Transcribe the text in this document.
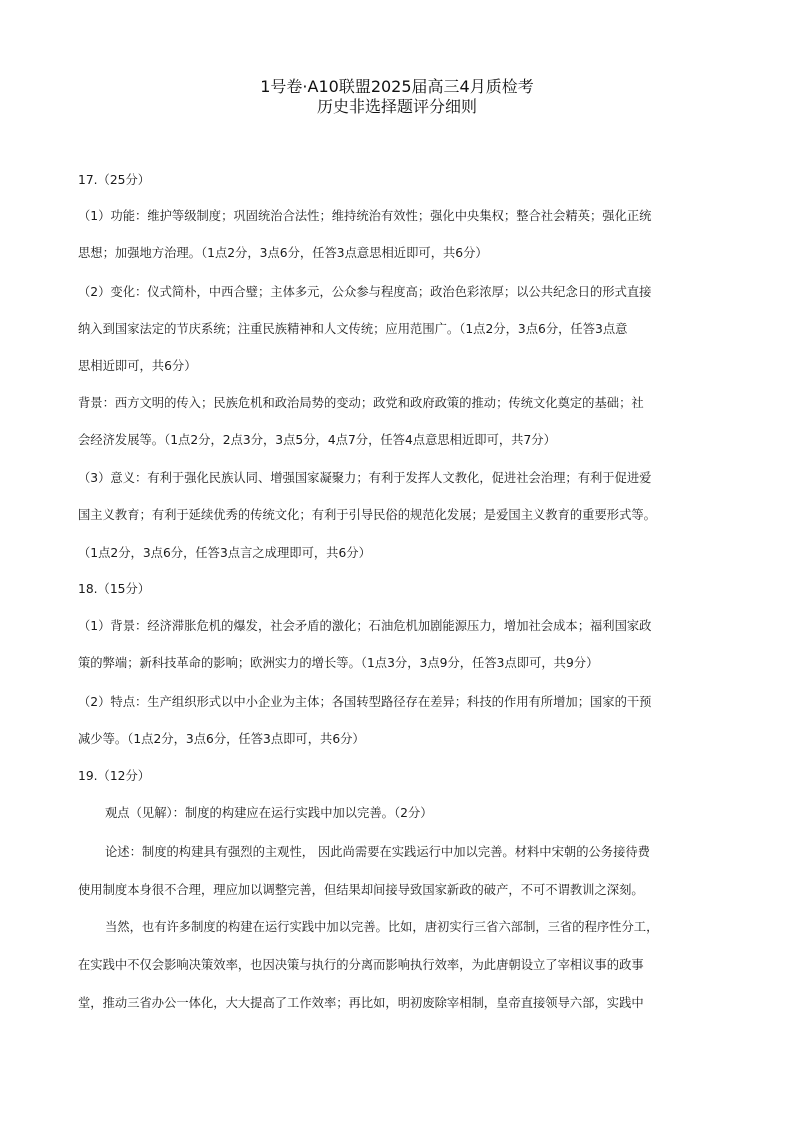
1号卷·A10联盟2025届高三4月质检考
历史非选择题评分细则
17.（25分）
（1）功能：维护等级制度；巩固统治合法性；维持统治有效性；强化中央集权；整合社会精英；强化正统
思想；加强地方治理。（1点2分，3点6分，任答3点意思相近即可，共6分）
（2）变化：仪式简朴，中西合璧；主体多元，公众参与程度高；政治色彩浓厚；以公共纪念日的形式直接
纳入到国家法定的节庆系统；注重民族精神和人文传统；应用范围广。（1点2分，3点6分，任答3点意
思相近即可，共6分）
背景：西方文明的传入；民族危机和政治局势的变动；政党和政府政策的推动；传统文化奠定的基础；社
会经济发展等。（1点2分，2点3分，3点5分，4点7分，任答4点意思相近即可，共7分）
（3）意义：有利于强化民族认同、增强国家凝聚力；有利于发挥人文教化，促进社会治理；有利于促进爱
国主义教育；有利于延续优秀的传统文化；有利于引导民俗的规范化发展；是爱国主义教育的重要形式等。
（1点2分，3点6分，任答3点言之成理即可，共6分）
18.（15分）
（1）背景：经济滞胀危机的爆发，社会矛盾的激化；石油危机加剧能源压力，增加社会成本；福利国家政
策的弊端；新科技革命的影响；欧洲实力的增长等。（1点3分，3点9分，任答3点即可，共9分）
（2）特点：生产组织形式以中小企业为主体；各国转型路径存在差异；科技的作用有所增加；国家的干预
减少等。（1点2分，3点6分，任答3点即可，共6分）
19.（12分）
观点（见解）：制度的构建应在运行实践中加以完善。（2分）
论述：制度的构建具有强烈的主观性， 因此尚需要在实践运行中加以完善。材料中宋朝的公务接待费
使用制度本身很不合理，理应加以调整完善，但结果却间接导致国家新政的破产，不可不谓教训之深刻。
当然，也有许多制度的构建在运行实践中加以完善。比如，唐初实行三省六部制，三省的程序性分工，
在实践中不仅会影响决策效率，也因决策与执行的分离而影响执行效率，为此唐朝设立了宰相议事的政事
堂，推动三省办公一体化，大大提高了工作效率；再比如，明初废除宰相制，皇帝直接领导六部，实践中
